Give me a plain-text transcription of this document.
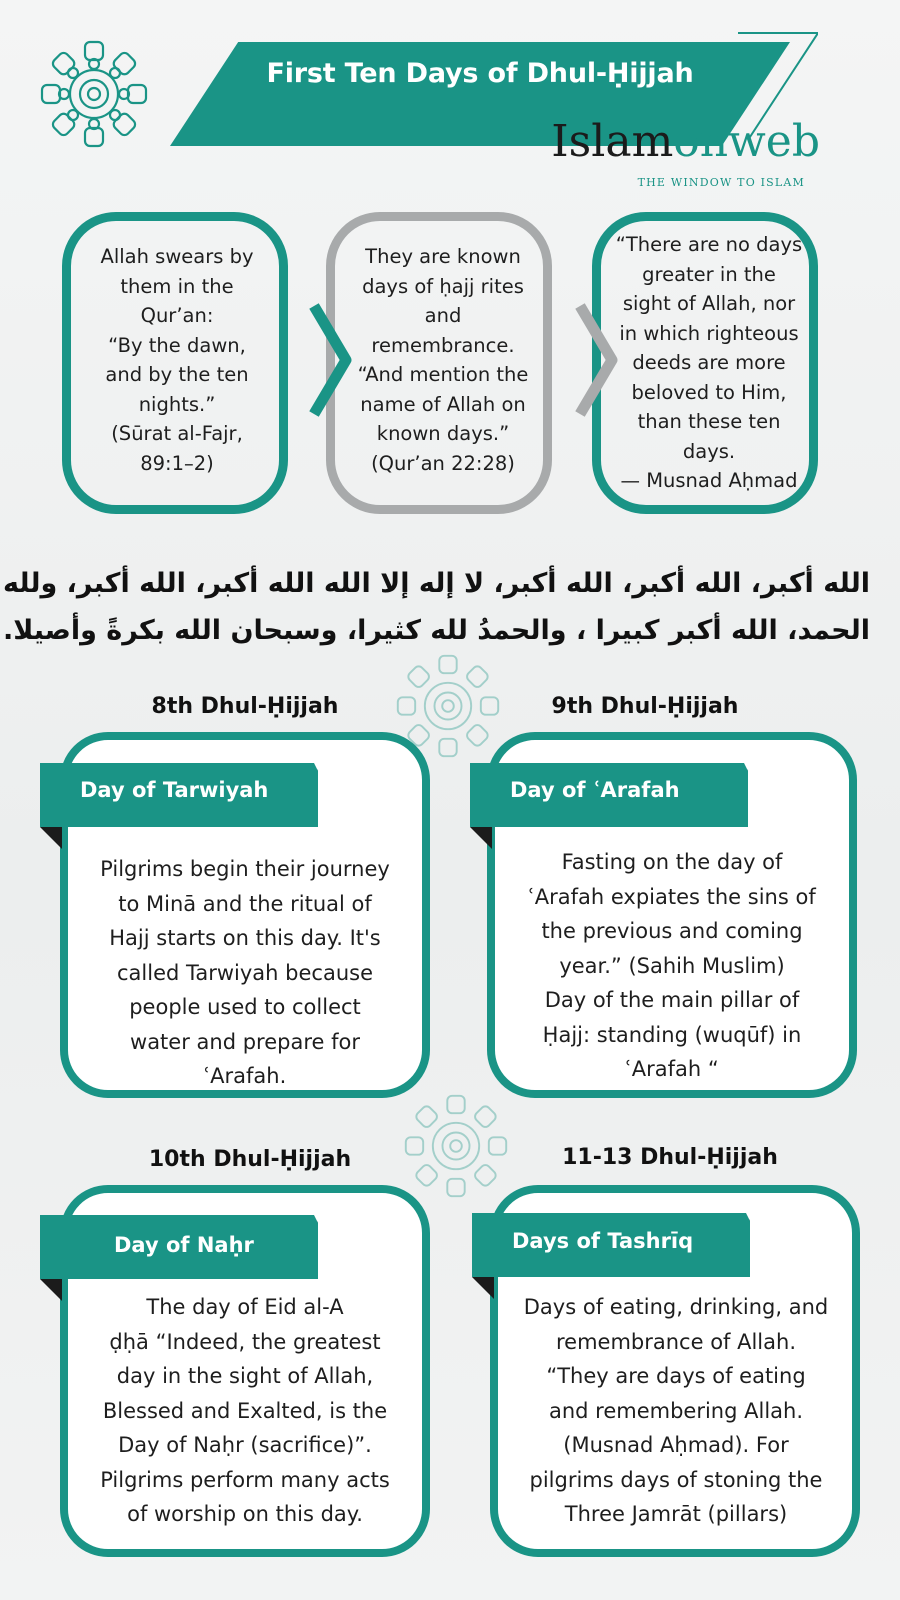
First Ten Days of Dhul-Ḥijjah
Islamonweb
THE WINDOW TO ISLAM
Allah swears by
them in the
Qur’an:
“By the dawn,
and by the ten
nights.”
(Sūrat al-Fajr,
89:1–2)
They are known
days of ḥajj rites
and
remembrance.
“And mention the
name of Allah on
known days.”
(Qur’an 22:28)
“There are no days
greater in the
sight of Allah, nor
in which righteous
deeds are more
beloved to Him,
than these ten
days.
— Musnad Aḥmad
الله أكبر، الله أكبر، الله أكبر، لا إله إلا الله الله أكبر، الله أكبر، ولله
الحمد، الله أكبر كبيرا ، والحمدُ لله كثيرا، وسبحان الله بكرةً وأصيلا.
8th Dhul-Ḥijjah	9th Dhul-Ḥijjah
10th Dhul-Ḥijjah	11-13 Dhul-Ḥijjah
Day of Tarwiyah
Pilgrims begin their journey
to Minā and the ritual of
Hajj starts on this day. It's
called Tarwiyah because
people used to collect
water and prepare for
ʿArafah.
Day of ʿArafah
Fasting on the day of
ʿArafah expiates the sins of
the previous and coming
year.” (Sahih Muslim)
Day of the main pillar of
Ḥajj: standing (wuqūf) in
ʿArafah “
Day of Naḥr
The day of Eid al-A
ḍḥā “Indeed, the greatest
day in the sight of Allah,
Blessed and Exalted, is the
Day of Naḥr (sacrifice)”.
Pilgrims perform many acts
of worship on this day.
Days of Tashrīq
Days of eating, drinking, and
remembrance of Allah.
“They are days of eating
and remembering Allah.
(Musnad Aḥmad). For
pilgrims days of stoning the
Three Jamrāt (pillars)
